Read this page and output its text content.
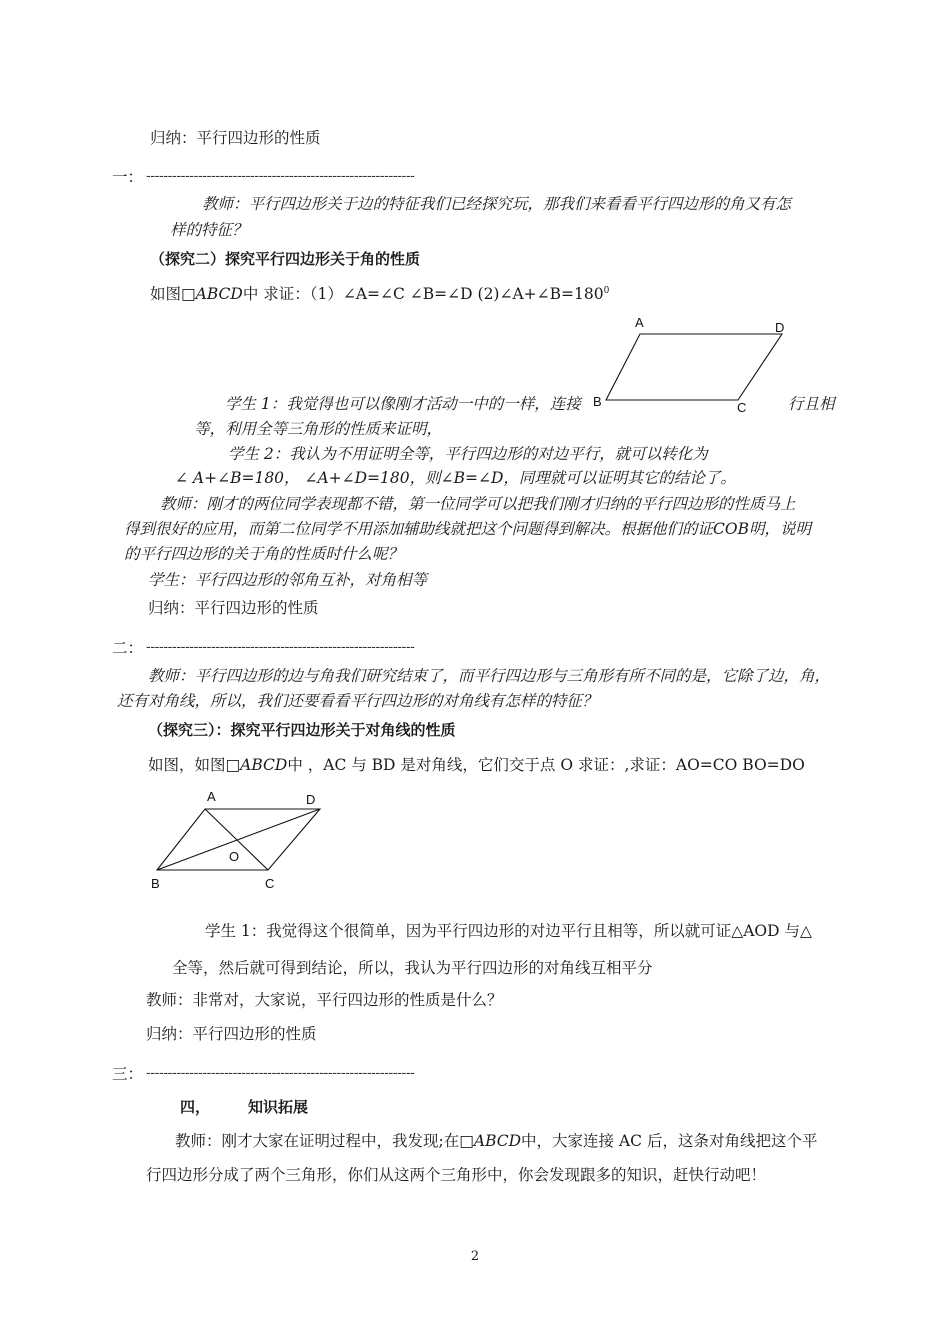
归纳：平行四边形的性质
一： --------------------------------------------------------------
教师：平行四边形关于边的特征我们已经探究玩，那我们来看看平行四边形的角又有怎
样的特征？
（探究二）探究平行四边形关于角的性质
如图□ABCD中 求证：（1）∠A=∠C ∠B=∠D $(2)\angle A+\angle B=180^0$
A	D
B	C
学生 1：我觉得也可以像刚才活动一中的一样，连接	行且相
等，利用全等三角形的性质来证明，
学生 2：我认为不用证明全等，平行四边形的对边平行，就可以转化为
∠ A+∠B=180， ∠A+∠D=180，则∠B=∠D，同理就可以证明其它的结论了。
教师：刚才的两位同学表现都不错，第一位同学可以把我们刚才归纳的平行四边形的性质马上
得到很好的应用，而第二位同学不用添加辅助线就把这个问题得到解决。根据他们的证COB明，说明
的平行四边形的关于角的性质时什么呢？
学生：平行四边形的邻角互补，对角相等
归纳：平行四边形的性质
二： --------------------------------------------------------------
教师：平行四边形的边与角我们研究结束了，而平行四边形与三角形有所不同的是，它除了边，角，
还有对角线，所以，我们还要看看平行四边形的对角线有怎样的特征？
（探究三）：探究平行四边形关于对角线的性质
如图，如图□ABCD中 ，AC 与 BD 是对角线，它们交于点 O 求证：,求证：AO=CO BO=DO
A	D
B	C
O
学生 1：我觉得这个很简单，因为平行四边形的对边平行且相等，所以就可证△AOD 与△
全等，然后就可得到结论，所以，我认为平行四边形的对角线互相平分
教师：非常对，大家说，平行四边形的性质是什么？
归纳：平行四边形的性质
三： --------------------------------------------------------------
四，	知识拓展
教师：刚才大家在证明过程中，我发现;在□ABCD中，大家连接 AC 后，这条对角线把这个平
行四边形分成了两个三角形，你们从这两个三角形中，你会发现跟多的知识，赶快行动吧！
2
